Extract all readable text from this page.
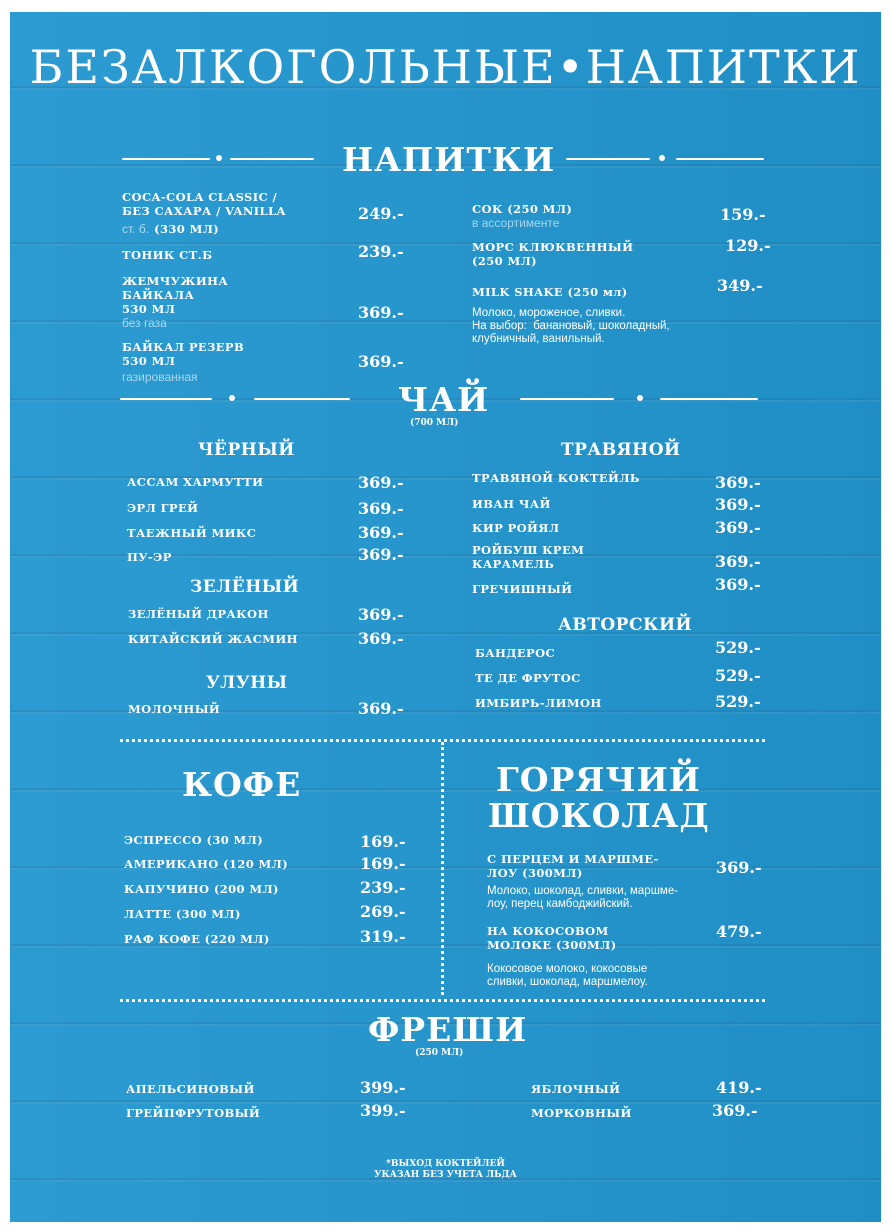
БЕЗАЛКОГОЛЬНЫЕ•НАПИТКИ
НАПИТКИ
COCA-COLA CLASSIC /
БЕЗ САХАРА / VANILLA
ст. б. (330 МЛ)
249.-
ТОНИК СТ.Б	239.-
ЖЕМЧУЖИНА
БАЙКАЛА
530 МЛ
без газа
369.-
БАЙКАЛ РЕЗЕРВ
530 МЛ
газированная
369.-
СОК (250 МЛ)
в ассортименте	159.-
МОРС КЛЮКВЕННЫЙ
(250 МЛ)
129.-
MILK SHAKE (250 мл)	349.-
Молоко, мороженое, сливки.
На выбор:  банановый, шоколадный,
клубничный, ванильный.
ЧАЙ
(700 МЛ)
ЧЁРНЫЙ
АССАМ ХАРМУТТИ	369.-
ЭРЛ ГРЕЙ	369.-
ТАЕЖНЫЙ МИКС	369.-
ПУ-ЭР	369.-
ЗЕЛЁНЫЙ
ЗЕЛЁНЫЙ ДРАКОН	369.-
КИТАЙСКИЙ ЖАСМИН	369.-
УЛУНЫ
МОЛОЧНЫЙ	369.-
ТРАВЯНОЙ
ТРАВЯНОЙ КОКТЕЙЛЬ	369.-
ИВАН ЧАЙ	369.-
КИР РОЙЯЛ	369.-
РОЙБУШ КРЕМ
КАРАМЕЛЬ	369.-
ГРЕЧИШНЫЙ	369.-
АВТОРСКИЙ
БАНДЕРОС	529.-
ТЕ ДЕ ФРУТОС	529.-
ИМБИРЬ-ЛИМОН	529.-
КОФЕ
ЭСПРЕССО (30 МЛ)	169.-
АМЕРИКАНО (120 МЛ)	169.-
КАПУЧИНО (200 МЛ)	239.-
ЛАТТЕ (300 МЛ)	269.-
РАФ КОФЕ (220 МЛ)	319.-
ГОРЯЧИЙ
ШОКОЛАД
С ПЕРЦЕМ И МАРШМЕ-
ЛОУ (300МЛ)	369.-
Молоко, шоколад, сливки, маршме-
лоу, перец камбоджийский.
НА КОКОСОВОМ
МОЛОКЕ (300МЛ)
479.-
Кокосовое молоко, кокосовые
сливки, шоколад, маршмелоу.
ФРЕШИ
(250 МЛ)
АПЕЛЬСИНОВЫЙ	399.-
ГРЕЙПФРУТОВЫЙ	399.-
ЯБЛОЧНЫЙ	419.-
МОРКОВНЫЙ	369.-
*ВЫХОД КОКТЕЙЛЕЙ
УКАЗАН БЕЗ УЧЕТА ЛЬДА
